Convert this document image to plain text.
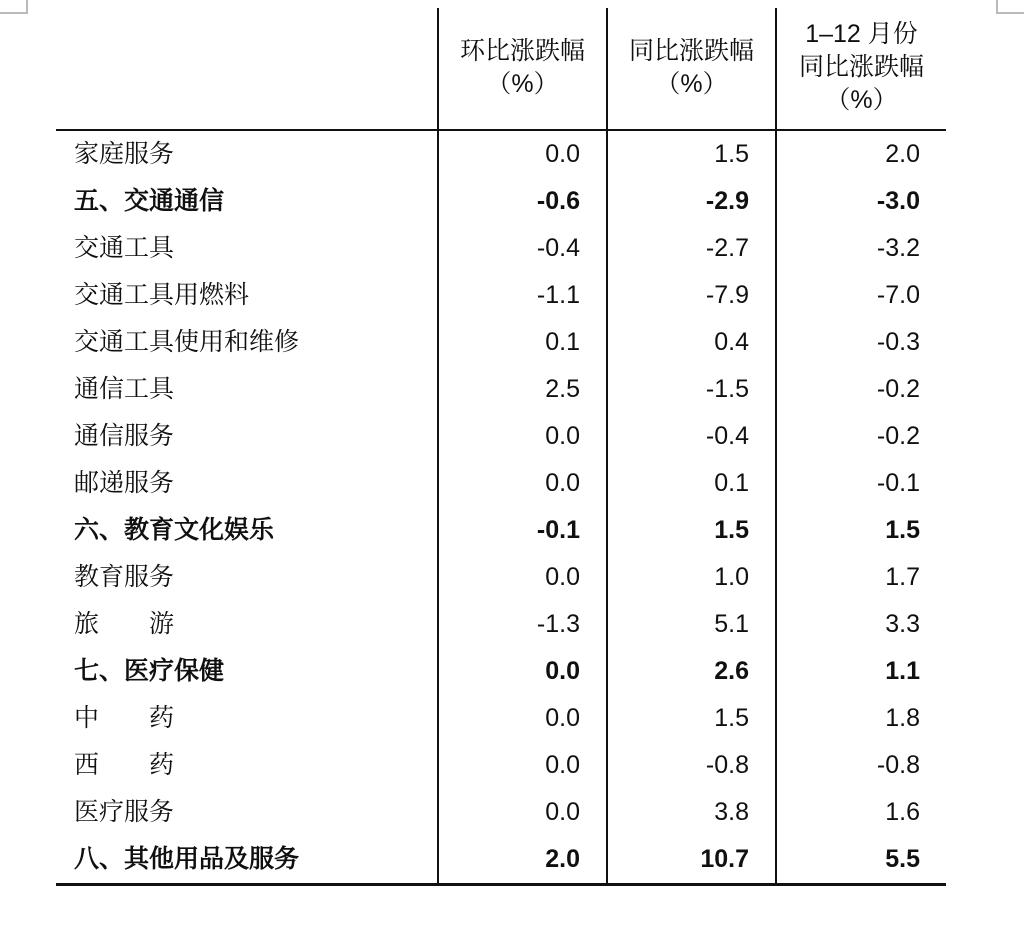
环比涨跌幅
（%）

同比涨跌幅
（%）

1–12 月份
同比涨跌幅
（%）

家庭服务	0.0	1.5	2.0
五、交通通信	-0.6	-2.9	-3.0
交通工具	-0.4	-2.7	-3.2
交通工具用燃料	-1.1	-7.9	-7.0
交通工具使用和维修	0.1	0.4	-0.3
通信工具	2.5	-1.5	-0.2
通信服务	0.0	-0.4	-0.2
邮递服务	0.0	0.1	-0.1
六、教育文化娱乐	-0.1	1.5	1.5
教育服务	0.0	1.0	1.7
旅　　游	-1.3	5.1	3.3
七、医疗保健	0.0	2.6	1.1
中　　药	0.0	1.5	1.8
西　　药	0.0	-0.8	-0.8
医疗服务	0.0	3.8	1.6
八、其他用品及服务	2.0	10.7	5.5
